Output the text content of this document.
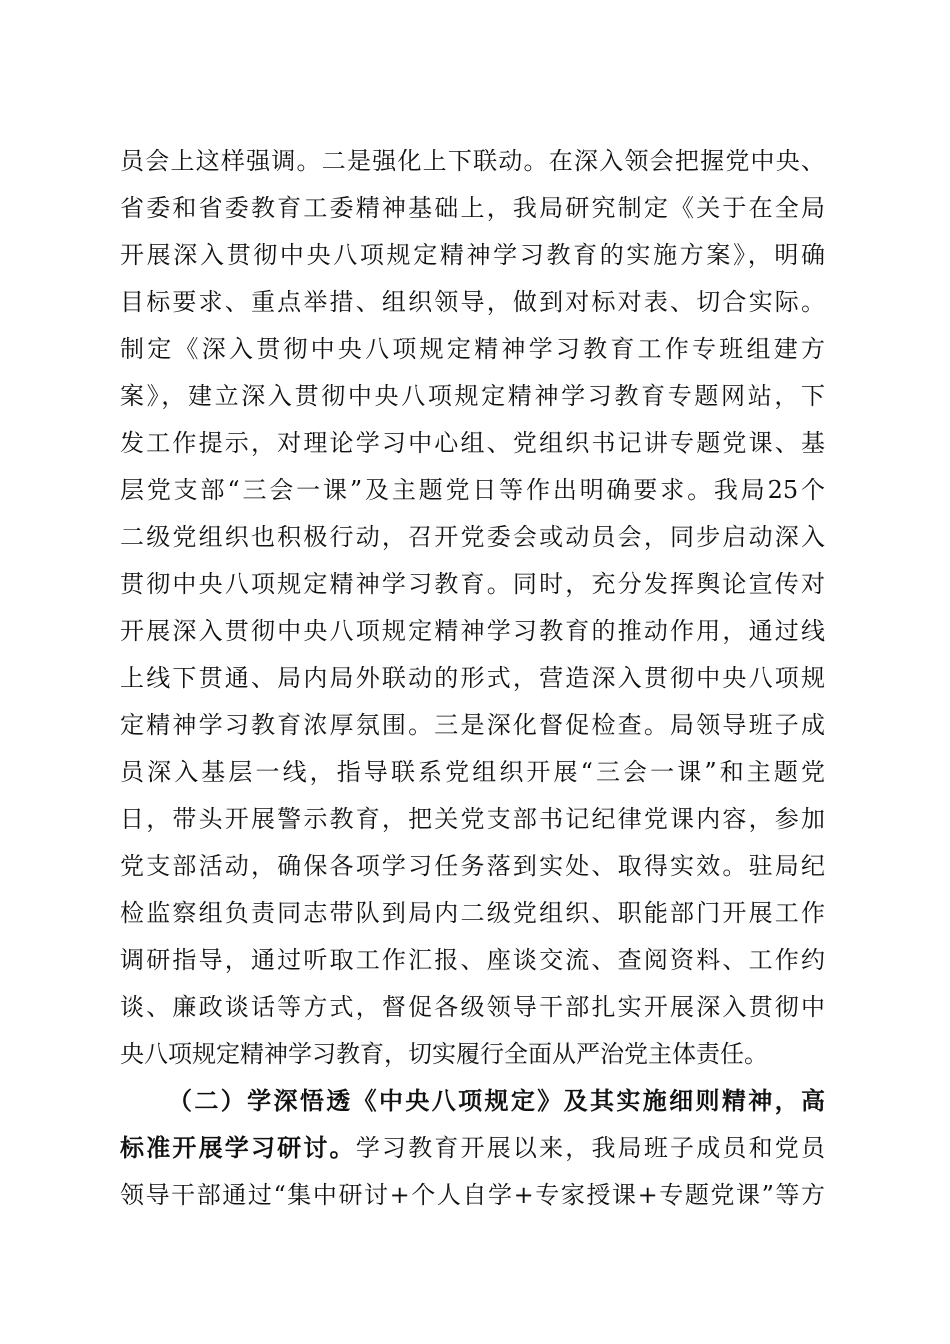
员会上这样强调。二是强化上下联动。在深入领会把握党中央、
省委和省委教育工委精神基础上，我局研究制定《关于在全局
开展深入贯彻中央八项规定精神学习教育的实施方案》，明确
目标要求、重点举措、组织领导，做到对标对表、切合实际。
制定《深入贯彻中央八项规定精神学习教育工作专班组建方
案》，建立深入贯彻中央八项规定精神学习教育专题网站，下
发工作提示，对理论学习中心组、党组织书记讲专题党课、基
层党支部“三会一课”及主题党日等作出明确要求。我局25个
二级党组织也积极行动，召开党委会或动员会，同步启动深入
贯彻中央八项规定精神学习教育。同时，充分发挥舆论宣传对
开展深入贯彻中央八项规定精神学习教育的推动作用，通过线
上线下贯通、局内局外联动的形式，营造深入贯彻中央八项规
定精神学习教育浓厚氛围。三是深化督促检查。局领导班子成
员深入基层一线，指导联系党组织开展“三会一课”和主题党
日，带头开展警示教育，把关党支部书记纪律党课内容，参加
党支部活动，确保各项学习任务落到实处、取得实效。驻局纪
检监察组负责同志带队到局内二级党组织、职能部门开展工作
调研指导，通过听取工作汇报、座谈交流、查阅资料、工作约
谈、廉政谈话等方式，督促各级领导干部扎实开展深入贯彻中
央八项规定精神学习教育，切实履行全面从严治党主体责任。
（二）学深悟透《中央八项规定》及其实施细则精神，高
标准开展学习研讨。学习教育开展以来，我局班子成员和党员
领导干部通过“集中研讨+个人自学+专家授课+专题党课”等方
